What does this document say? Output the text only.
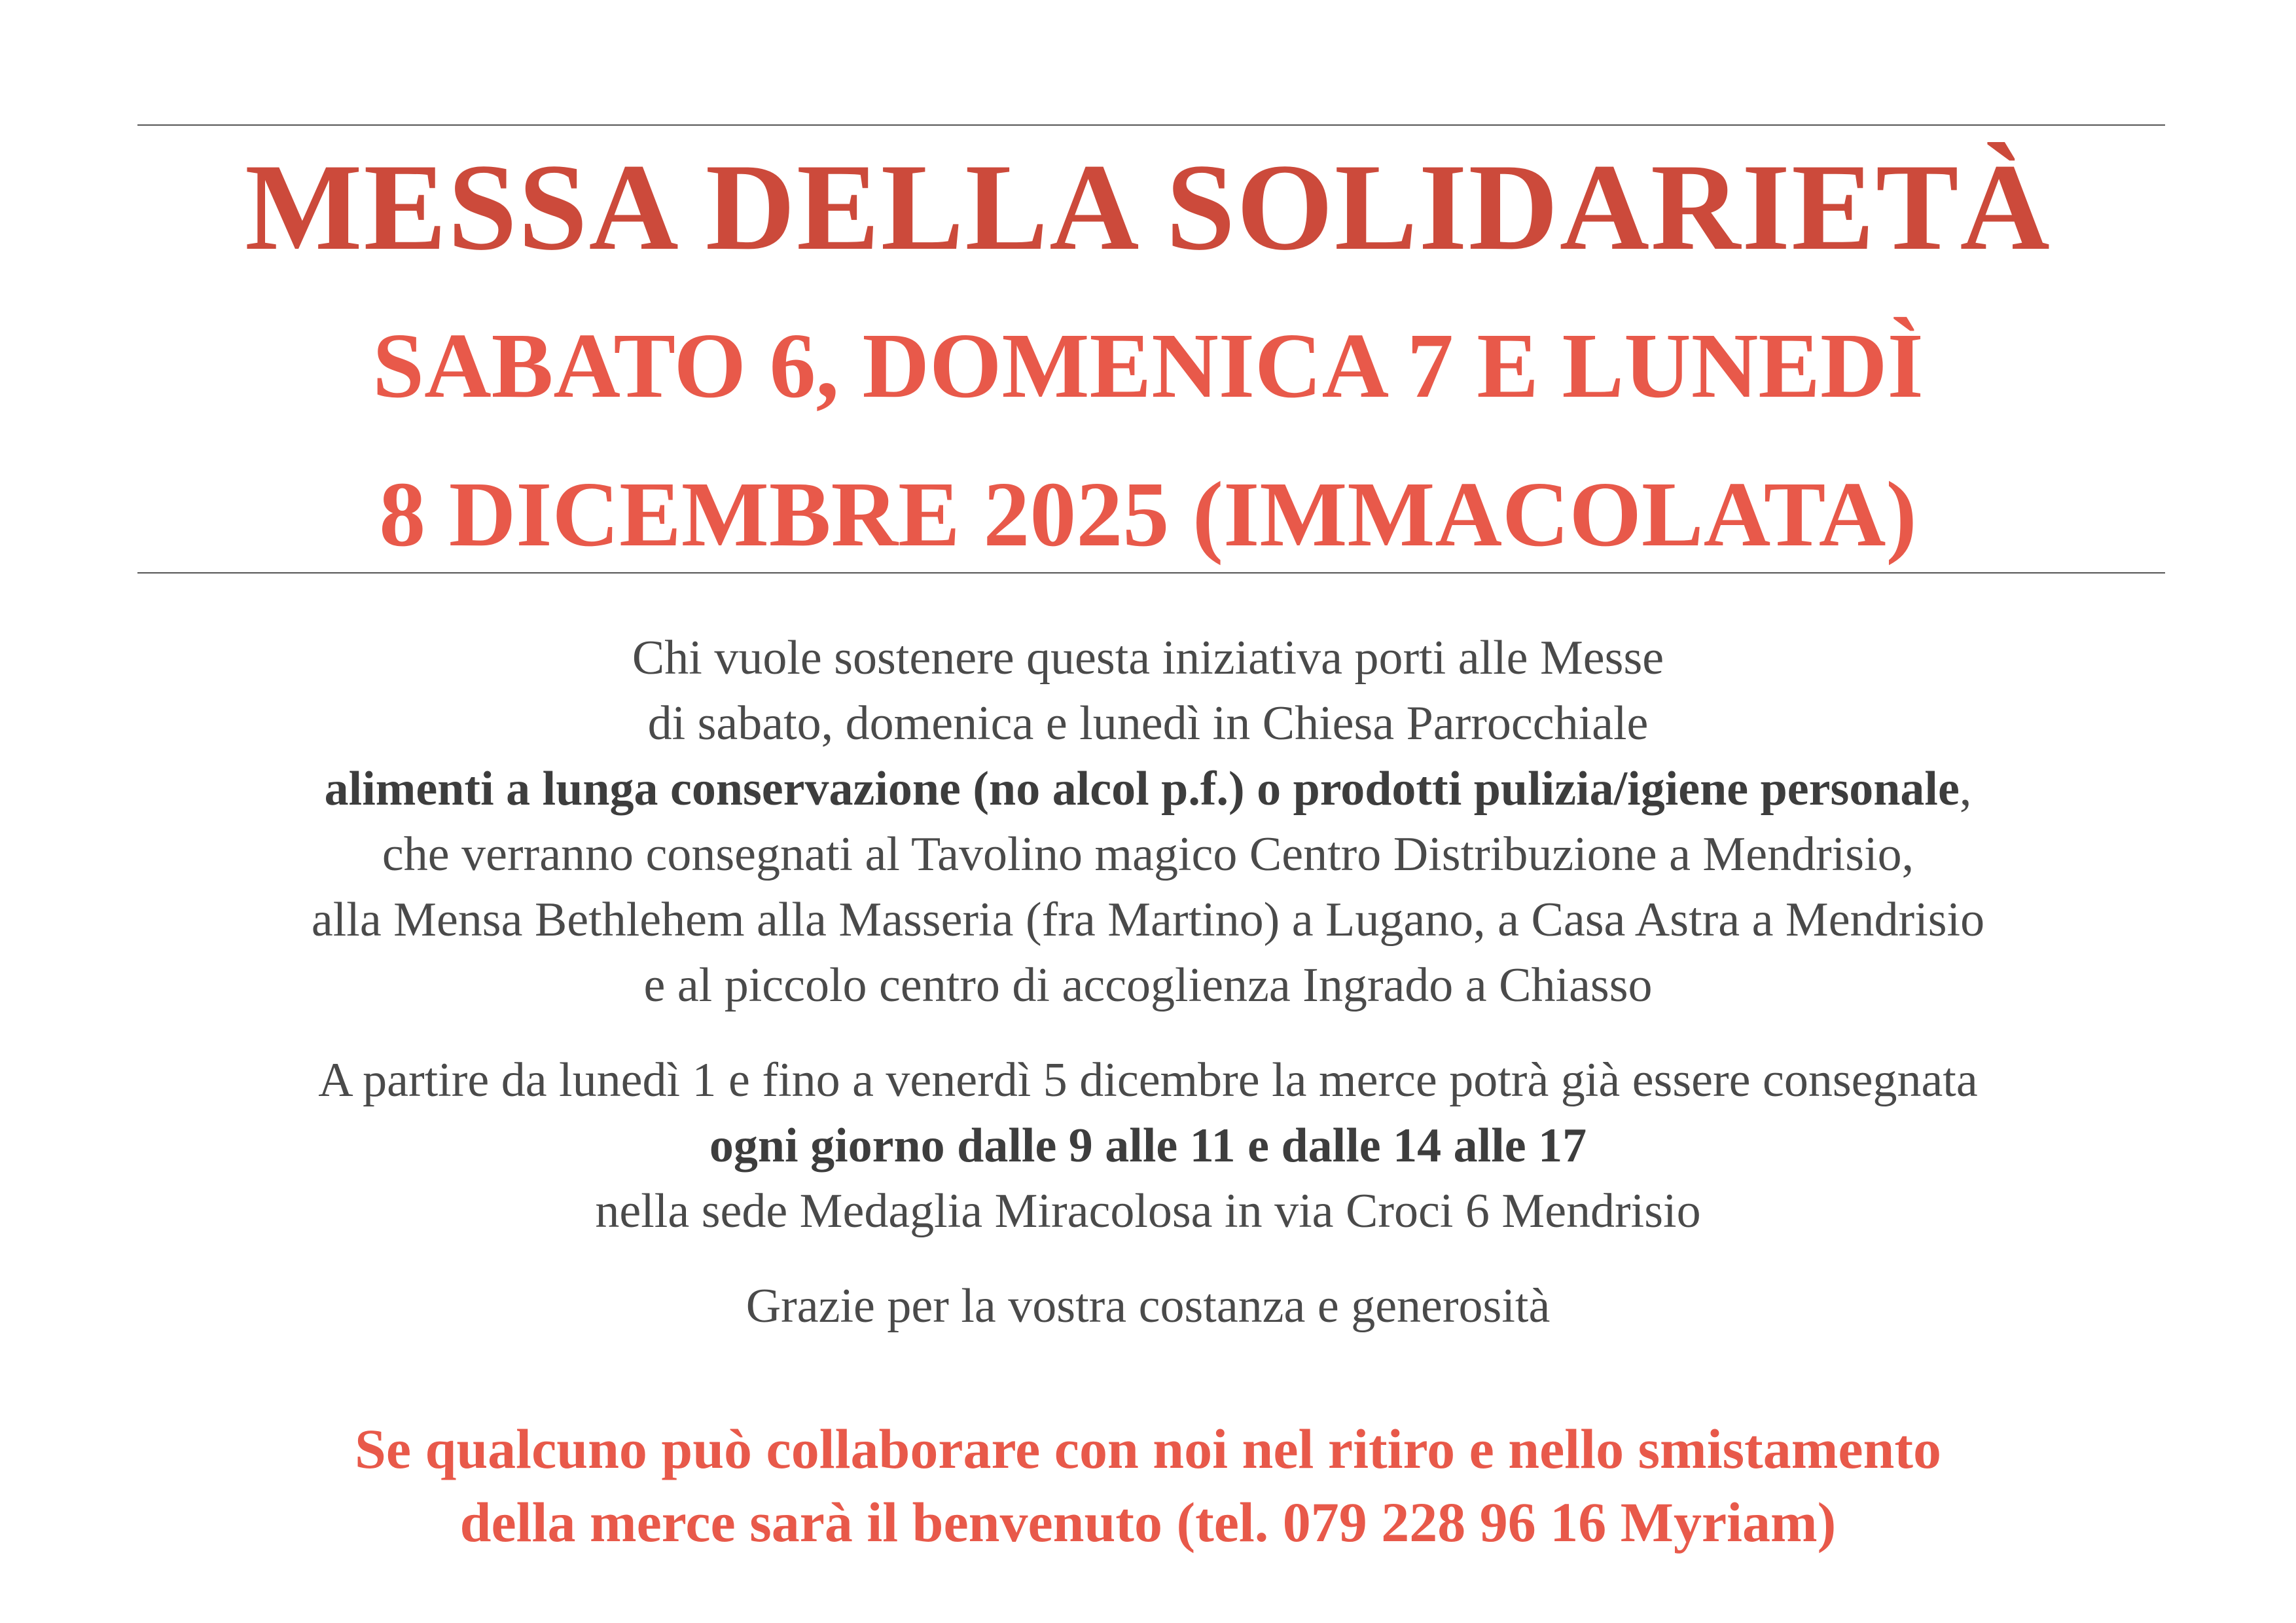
MESSA DELLA SOLIDARIETÀ
SABATO 6, DOMENICA 7 E LUNEDÌ
8 DICEMBRE 2025 (IMMACOLATA)
Chi vuole sostenere questa iniziativa porti alle Messe
di sabato, domenica e lunedì in Chiesa Parrocchiale
alimenti a lunga conservazione (no alcol p.f.) o prodotti pulizia/igiene personale,
che verranno consegnati al Tavolino magico Centro Distribuzione a Mendrisio,
alla Mensa Bethlehem alla Masseria (fra Martino) a Lugano, a Casa Astra a Mendrisio
e al piccolo centro di accoglienza Ingrado a Chiasso
A partire da lunedì 1 e fino a venerdì 5 dicembre la merce potrà già essere consegnata
ogni giorno dalle 9 alle 11 e dalle 14 alle 17
nella sede Medaglia Miracolosa in via Croci 6 Mendrisio
Grazie per la vostra costanza e generosità
Se qualcuno può collaborare con noi nel ritiro e nello smistamento
della merce sarà il benvenuto (tel. 079 228 96 16 Myriam)
